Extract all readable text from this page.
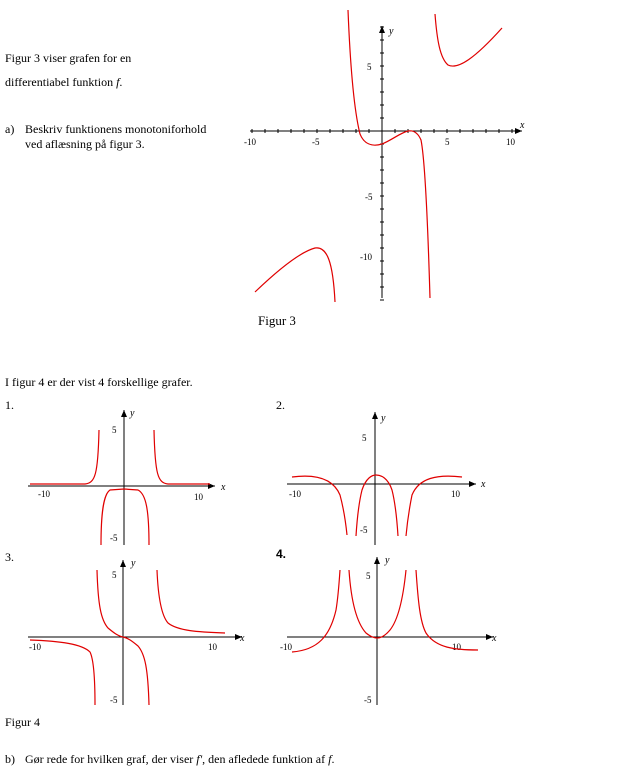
Figur 3 viser grafen for en
differentiabel funktion f.
a) Beskriv funktionens monotoniforhold
ved aflæsning på figur 3.
x
y
-10	-5	5	10
5
-5
-10
Figur 3
I figur 4 er der vist 4 forskellige grafer.
1.	2.
3.	4.
x
y
-10	10
5
-5
x
y
-10	10
5
-5
x
y
-10	10
5
-5
x
y
-10	10
5
-5
Figur 4
b) Gør rede for hvilken graf, der viser f', den afledede funktion af f.
